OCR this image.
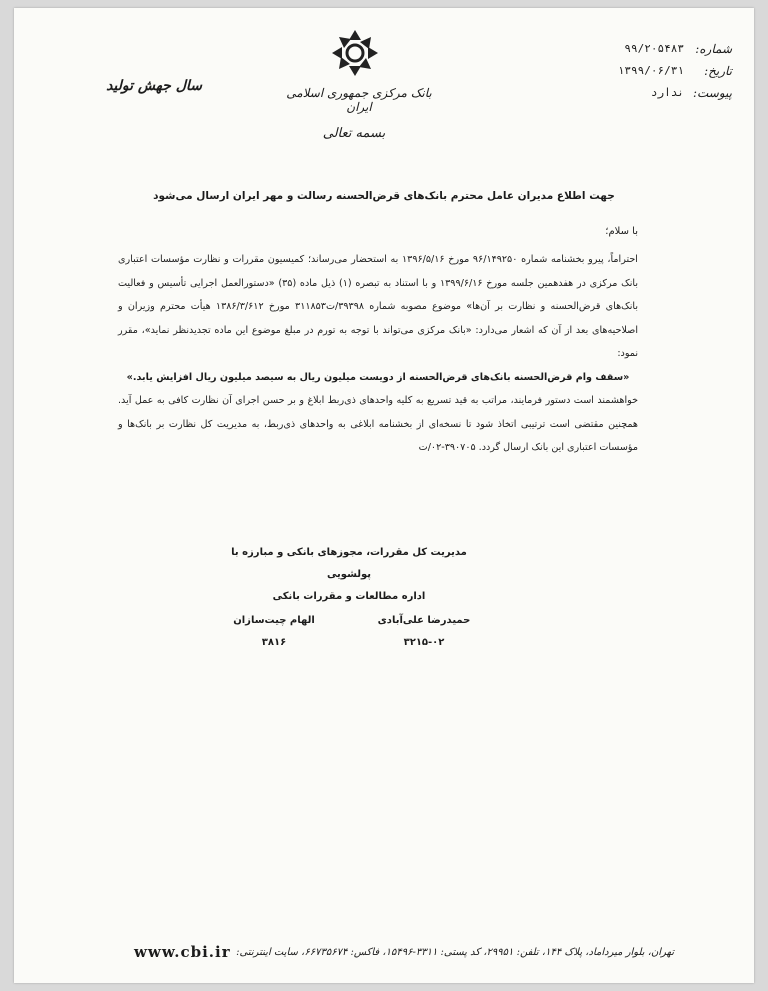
شماره:
۹۹/۲۰۵۴۸۳
تاریخ:
۱۳۹۹/۰۶/۳۱
پیوست:
ندارد
بانک مرکزی جمهوری اسلامی ایران
بسمه تعالی
سال جهش تولید
جهت اطلاع مدیران عامل محترم بانک‌های قرض‌الحسنه رسالت و مهر ایران ارسال می‌شود
با سلام؛

احتراماً، پیرو بخشنامه شماره ۹۶/۱۴۹۲۵۰ مورخ ۱۳۹۶/۵/۱۶ به استحضار می‌رساند؛ کمیسیون مقررات و نظارت مؤسسات اعتباری بانک مرکزی در هفدهمین جلسه مورخ ۱۳۹۹/۶/۱۶ و با استناد به تبصره (۱) ذیل ماده (۳۵) «دستورالعمل اجرایی تأسیس و فعالیت بانک‌های قرض‌الحسنه و نظارت بر آن‌ها» موضوع مصوبه شماره ۳۹۳۹۸/ت۳۱۱۸۵۳ مورخ ۱۳۸۶/۳/۶۱۲ هیأت محترم وزیران و اصلاحیه‌های بعد از آن که اشعار می‌دارد: «بانک مرکزی می‌تواند با توجه به تورم در مبلغ موضوع این ماده تجدیدنظر نماید»، مقرر نمود:

«سقف وام قرض‌الحسنه بانک‌های قرض‌الحسنه از دویست میلیون ریال به سیصد میلیون ریال افزایش یابد.»

خواهشمند است دستور فرمایند، مراتب به قید تسریع به کلیه واحدهای ذی‌ربط ابلاغ و بر حسن اجرای آن نظارت کافی به عمل آید. همچنین مقتضی است ترتیبی اتخاذ شود تا نسخه‌ای از بخشنامه ابلاغی به واحدهای ذی‌ربط، به مدیریت کل نظارت بر بانک‌ها و مؤسسات اعتباری این بانک ارسال گردد. ۳۹۰۷۰۵-۰۲/ت

مدیریت کل مقررات، مجوزهای بانکی و مبارزه با پولشویی
اداره مطالعات و مقررات بانکی
حمیدرضا علی‌آبادی
۳۲۱۵-۰۲
الهام چیت‌سازان
۳۸۱۶
تهران، بلوار میرداماد، پلاک ۱۴۴، تلفن: ۲۹۹۵۱، کد پستی: ۳۳۱۱-۱۵۴۹۶، فاکس: ۶۶۷۳۵۶۷۴، سایت اینترنتی:
www.cbi.ir
